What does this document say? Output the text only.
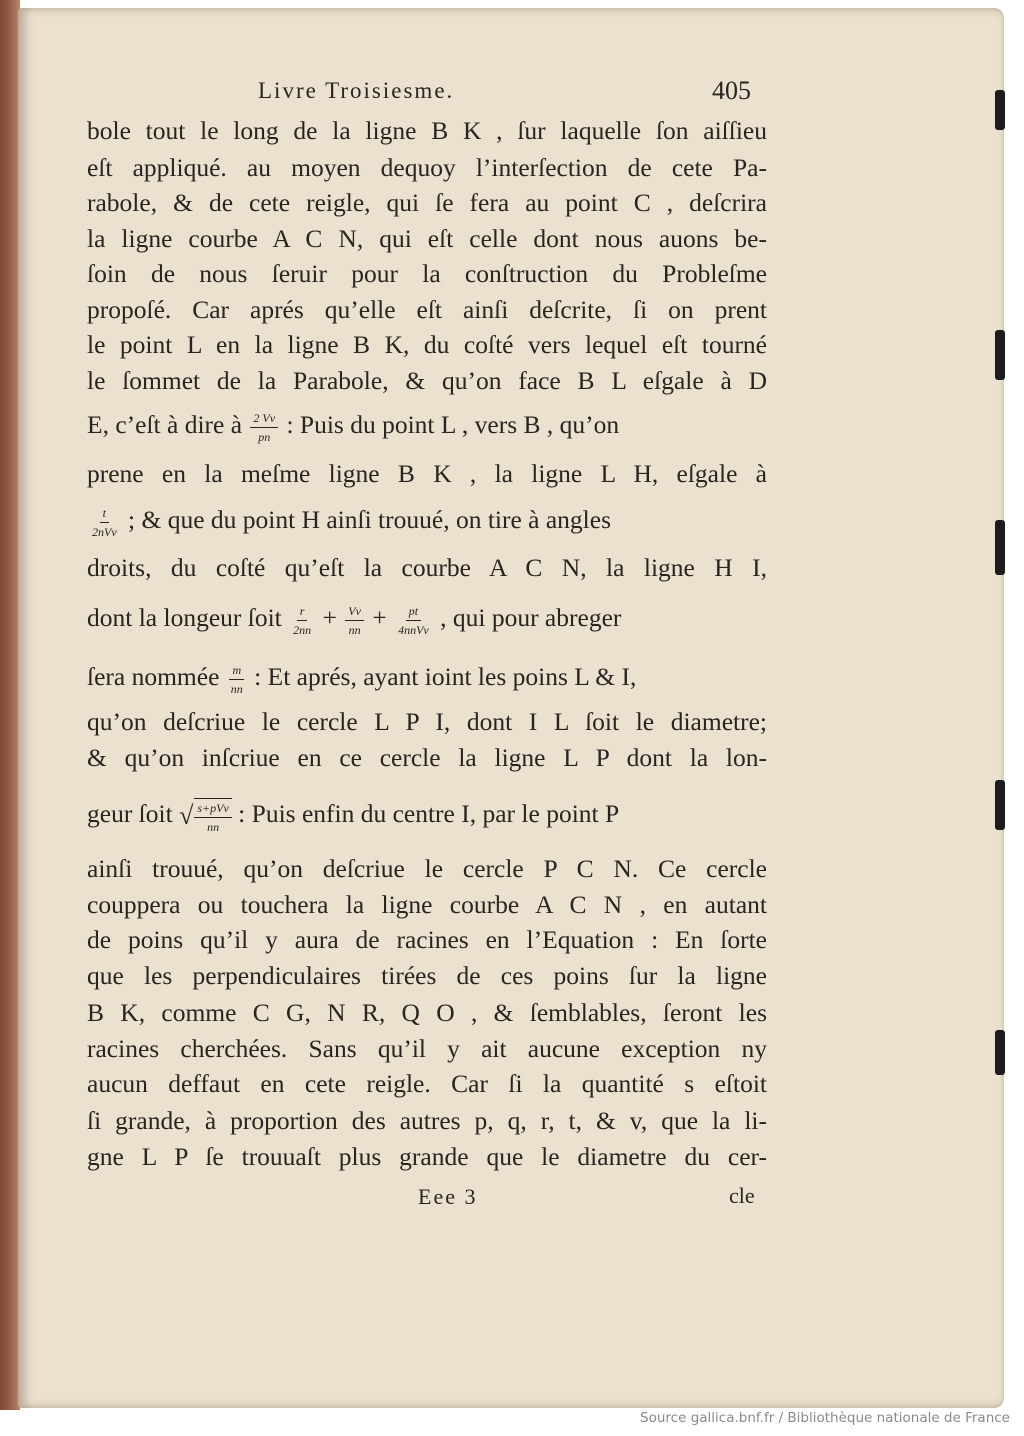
Livre Troisiesme.	405
bole tout le long de la ligne B K , ſur laquelle ſon aiſſieu
eſt appliqué. au moyen dequoy l’interſection de cete Pa-
rabole, & de cete reigle, qui ſe fera au point C , deſcrira
la ligne courbe A C N, qui eſt celle dont nous auons be-
ſoin de nous ſeruir pour la conſtruction du Probleſme
propoſé. Car aprés qu’elle eſt ainſi deſcrite, ſi on prent
le point L en la ligne B K, du coſté vers lequel eſt tourné
le ſommet de la Parabole, & qu’on face B L eſgale à D
E, c’eſt à dire à $\frac{2 Vv}{pn}$ : Puis du point L , vers B , qu’on
prene en la meſme ligne B K , la ligne L H, eſgale à
$\frac{t}{\text{2nVv}}$ ; & que du point H ainſi trouué, on tire à angles
droits, du coſté qu’eſt la courbe A C N, la ligne H I,
dont la longeur ſoit $\frac{r}{2nn} + \frac{Vv}{nn} + \frac{pt}{\text{4nnVv}}$ , qui pour abreger
ſera nommée $\frac{m}{nn}$ : Et aprés, ayant ioint les poins L & I,
qu’on deſcriue le cercle L P I, dont I L ſoit le diametre;
& qu’on inſcriue en ce cercle la ligne L P dont la lon-
geur ſoit √ $\frac{\text{s+pVv}}{nn}$ : Puis enfin du centre I, par le point P
ainſi trouué, qu’on deſcriue le cercle P C N. Ce cercle
couppera ou touchera la ligne courbe A C N , en autant
de poins qu’il y aura de racines en l’Equation : En ſorte
que les perpendiculaires tirées de ces poins ſur la ligne
B K, comme C G, N R, Q O , & ſemblables, ſeront les
racines cherchées. Sans qu’il y ait aucune exception ny
aucun deffaut en cete reigle. Car ſi la quantité s eſtoit
ſi grande, à proportion des autres p, q, r, t, & v, que la li-
gne L P ſe trouuaſt plus grande que le diametre du cer-
Eee 3	cle
Source gallica.bnf.fr / Bibliothèque nationale de France
